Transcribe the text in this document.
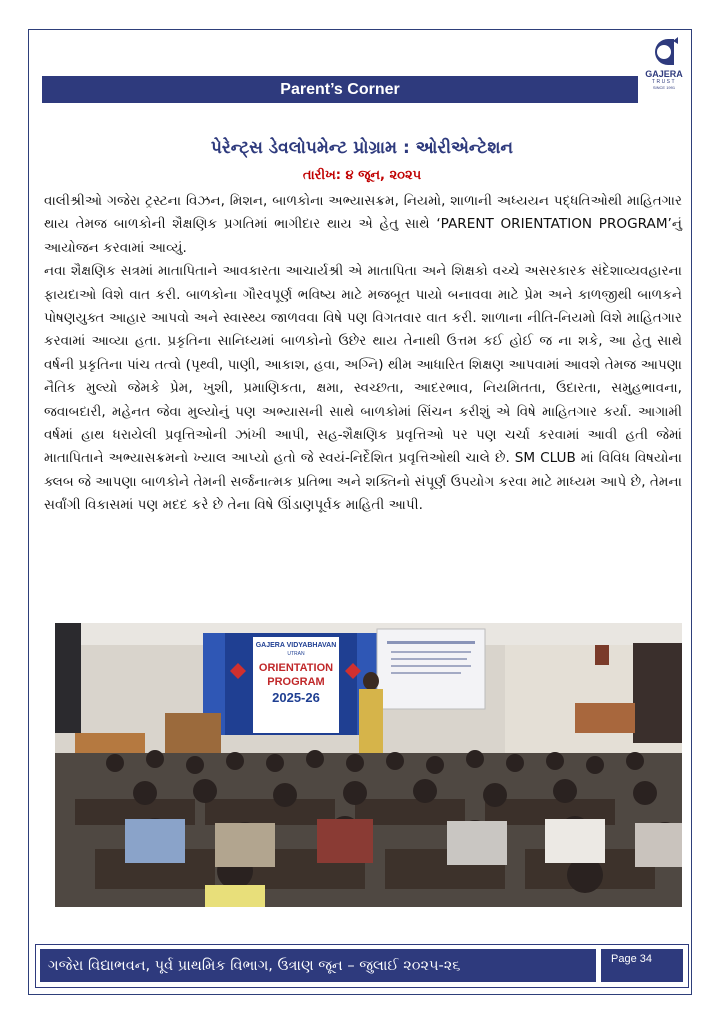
Parent’s Corner
GAJERA
TRUST
SINCE 1991
પેરેન્ટ્સ ડેવલોપમેન્ટ પ્રોગ્રામ : ઓરીએન્ટેશન
તારીખ: ૪ જૂન, ૨૦૨૫

વાલીશ્રીઓ ગજેરા ટ્રસ્ટના વિઝન, મિશન, બાળકોના અભ્યાસક્રમ, નિયમો, શાળાની અધ્યયન પદ્ધતિઓથી માહિતગાર થાય તેમજ બાળકોની શૈક્ષણિક પ્રગતિમાં ભાગીદાર થાય એ હેતુ સાથે ‘PARENT ORIENTATION PROGRAM’નું આયોજન કરવામાં આવ્યું.

નવા શૈક્ષણિક સત્રમાં માતાપિતાને આવકારતા આચાર્યશ્રી એ માતાપિતા અને શિક્ષકો વચ્ચે અસરકારક સંદેશાવ્યવહારના ફાયદાઓ વિશે વાત કરી. બાળકોના ગૌરવપૂર્ણ ભવિષ્ય માટે મજબૂત પાયો બનાવવા માટે પ્રેમ અને કાળજીથી બાળકને પોષણયુક્ત આહાર આપવો અને સ્વાસ્થ્ય જાળવવા વિષે પણ વિગતવાર વાત કરી. શાળાના નીતિ-નિયમો વિશે માહિતગાર કરવામાં આવ્યા હતા. પ્રકૃતિના સાનિધ્યમાં બાળકોનો ઉછેર થાય તેનાથી ઉત્તમ કઈ હોઈ જ ના શકે, આ હેતુ સાથે વર્ષની પ્રકૃતિના પાંચ તત્વો (પૃથ્વી, પાણી, આકાશ, હવા, અગ્નિ) થીમ આધારિત શિક્ષણ આપવામાં આવશે તેમજ આપણા નૈતિક મુલ્યો જેમકે પ્રેમ, ખુશી, પ્રમાણિકતા, ક્ષમા, સ્વચ્છતા, આદરભાવ, નિયમિતતા, ઉદારતા, સમુહભાવના, જવાબદારી, મહેનત જેવા મુલ્યોનું પણ અભ્યાસની સાથે બાળકોમાં સિંચન કરીશું એ વિષે માહિતગાર કર્યા. આગામી વર્ષમાં હાથ ધરાયેલી પ્રવૃત્તિઓની ઝાંખી આપી, સહ-શૈક્ષણિક પ્રવૃત્તિઓ પર પણ ચર્ચા કરવામાં આવી હતી જેમાં માતાપિતાને અભ્યાસક્રમનો ખ્યાલ આપ્યો હતો જે સ્વયં-નિર્દેશિત પ્રવૃત્તિઓથી ચાલે છે. SM CLUB માં વિવિધ વિષયોના ક્લબ જે આપણા બાળકોને તેમની સર્જનાત્મક પ્રતિભા અને શક્તિનો સંપૂર્ણ ઉપયોગ કરવા માટે માધ્યમ આપે છે, તેમના સર્વાંગી વિકાસમાં પણ મદદ કરે છે તેના વિષે ઊંડાણપૂર્વક માહિતી આપી.

GAJERA VIDYABHAVAN
UTRAN
ORIENTATION
PROGRAM
2025-26
ગજેરા વિદ્યાભવન, પૂર્વ પ્રાથમિક વિભાગ, ઉત્રાણ જૂન – જુલાઈ ૨૦૨૫-૨૬	Page 34
